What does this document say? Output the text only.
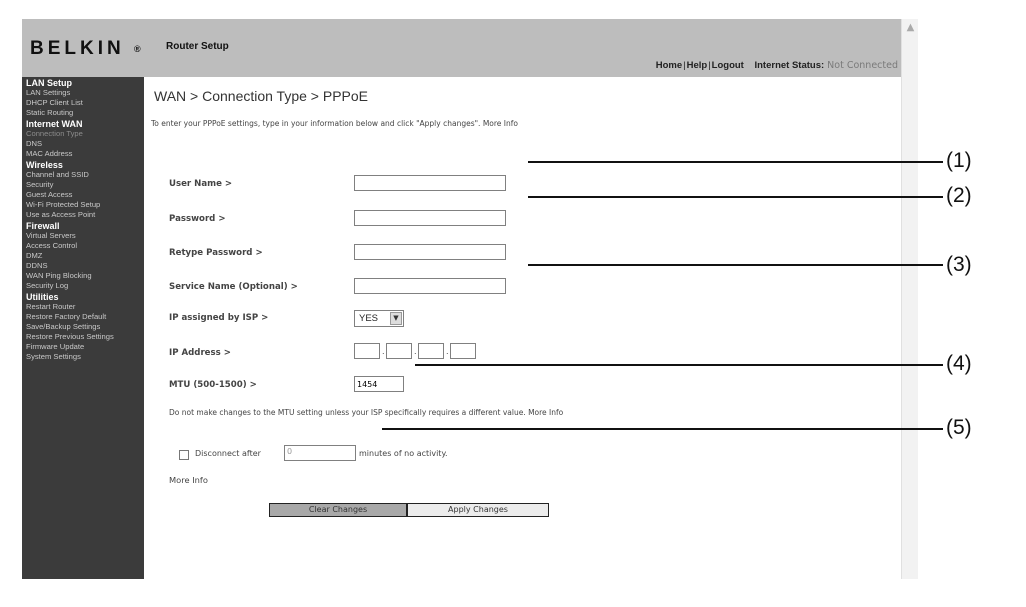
BELKIN ®	Router Setup
Home|Help|Logout Internet Status: Not Connected
LAN Setup
LAN Settings
DHCP Client List
Static Routing
Internet WAN
Connection Type
DNS
MAC Address
Wireless
Channel and SSID
Security
Guest Access
Wi-Fi Protected Setup
Use as Access Point
Firewall
Virtual Servers
Access Control
DMZ
DDNS
WAN Ping Blocking
Security Log
Utilities
Restart Router
Restore Factory Default
Save/Backup Settings
Restore Previous Settings
Firmware Update
System Settings
WAN > Connection Type > PPPoE
To enter your PPPoE settings, type in your information below and click "Apply changes". More Info
User Name >
Password >
Retype Password >
Service Name (Optional) >
IP assigned by ISP >	YES	▼
IP Address >	.	.	.
MTU (500-1500) >
1454
Do not make changes to the MTU setting unless your ISP specifically requires a different value. More Info
Disconnect after	0	minutes of no activity.
More Info
Clear Changes	Apply Changes
▲
(1)
(2)
(3)
(4)
(5)
